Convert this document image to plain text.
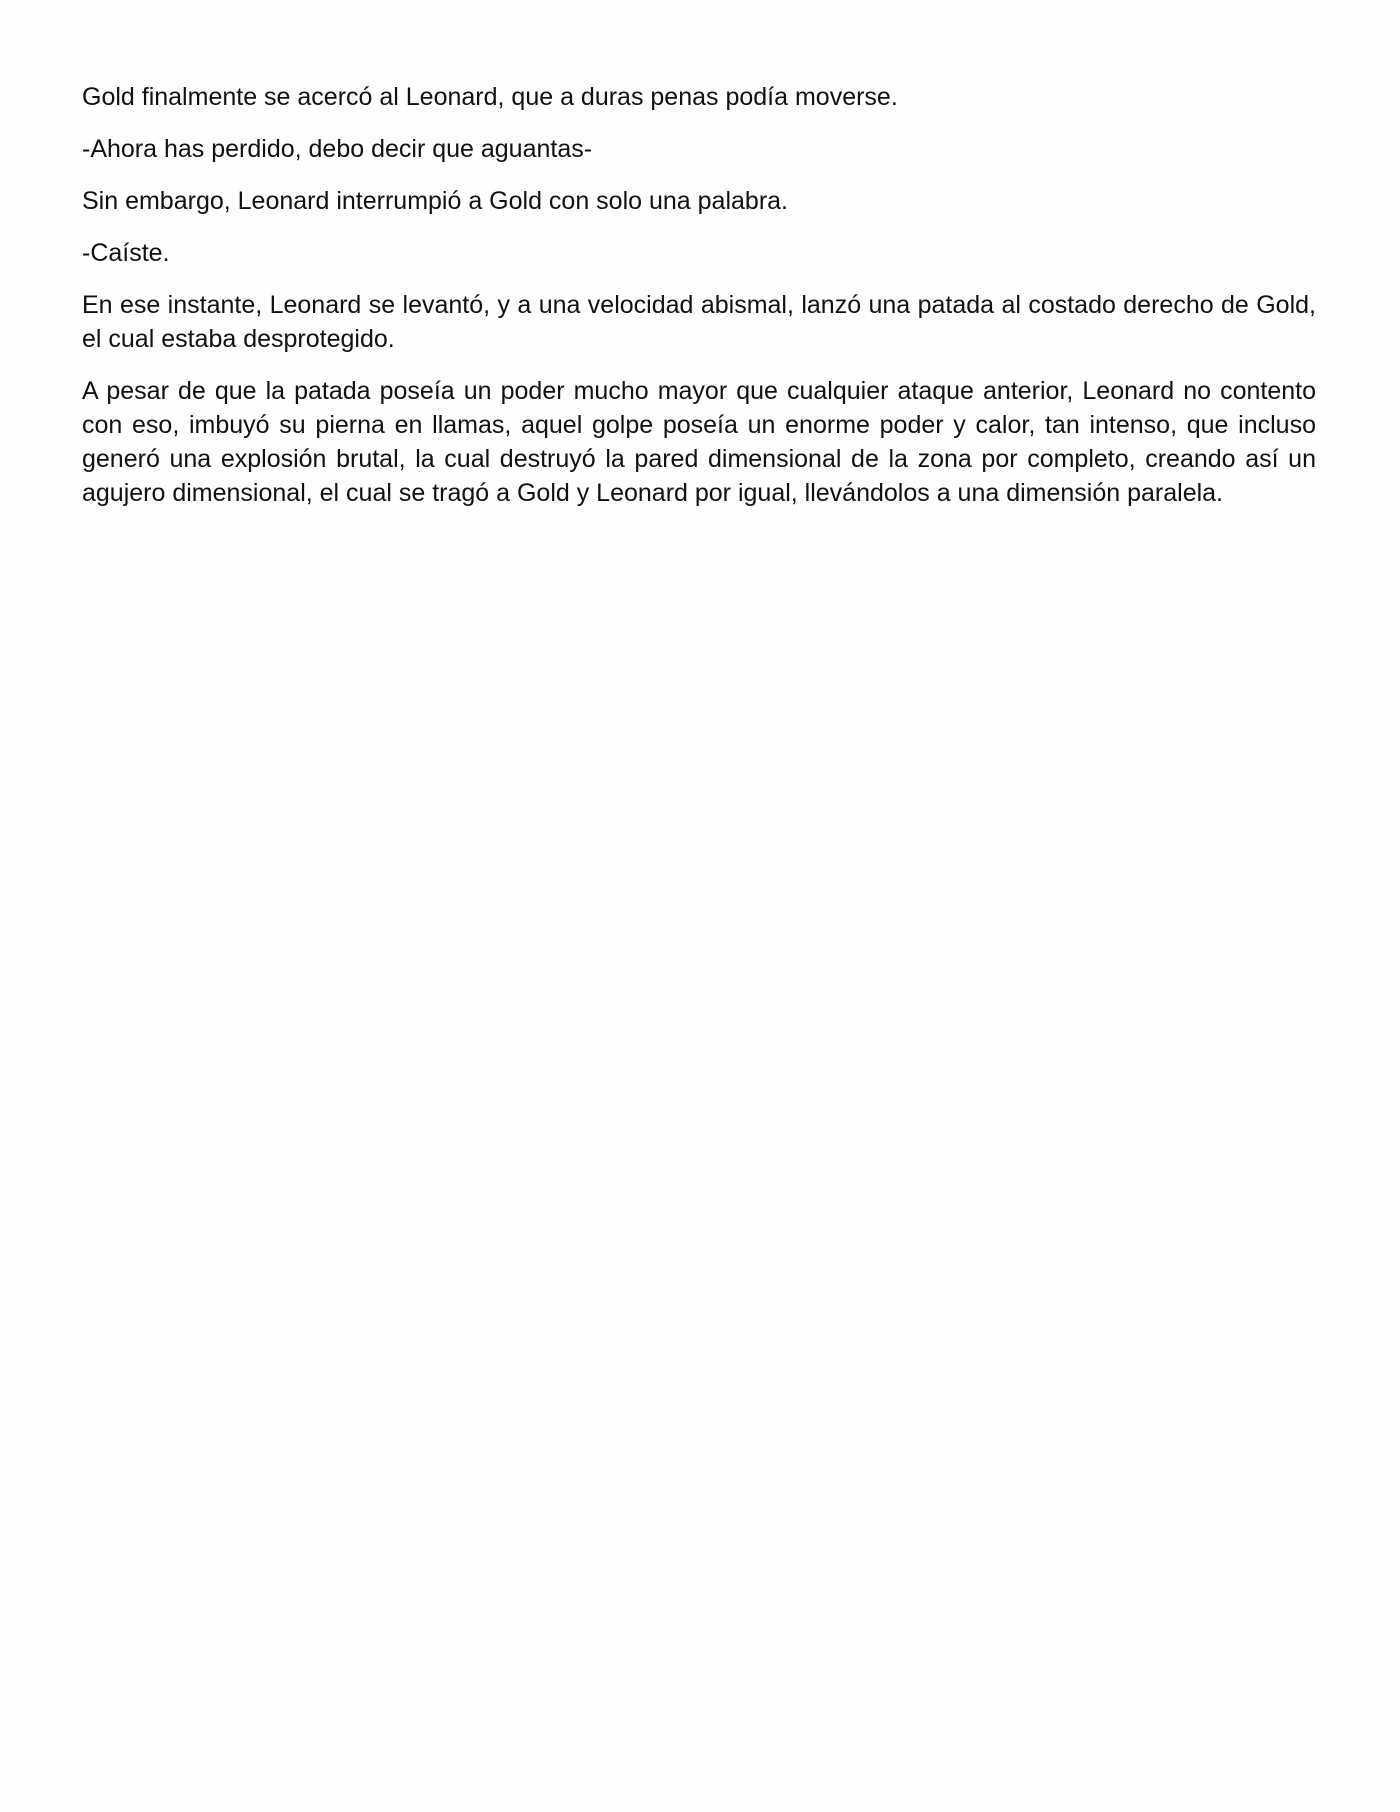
Gold finalmente se acercó al Leonard, que a duras penas podía moverse.

-Ahora has perdido, debo decir que aguantas-

Sin embargo, Leonard interrumpió a Gold con solo una palabra.

-Caíste.

En ese instante, Leonard se levantó, y a una velocidad abismal, lanzó una patada al costado derecho de Gold, el cual estaba desprotegido.

A pesar de que la patada poseía un poder mucho mayor que cualquier ataque anterior, Leonard no contento con eso, imbuyó su pierna en llamas, aquel golpe poseía un enorme poder y calor, tan intenso, que incluso generó una explosión brutal, la cual destruyó la pared dimensional de la zona por completo, creando así un agujero dimensional, el cual se tragó a Gold y Leonard por igual, llevándolos a una dimensión paralela.
